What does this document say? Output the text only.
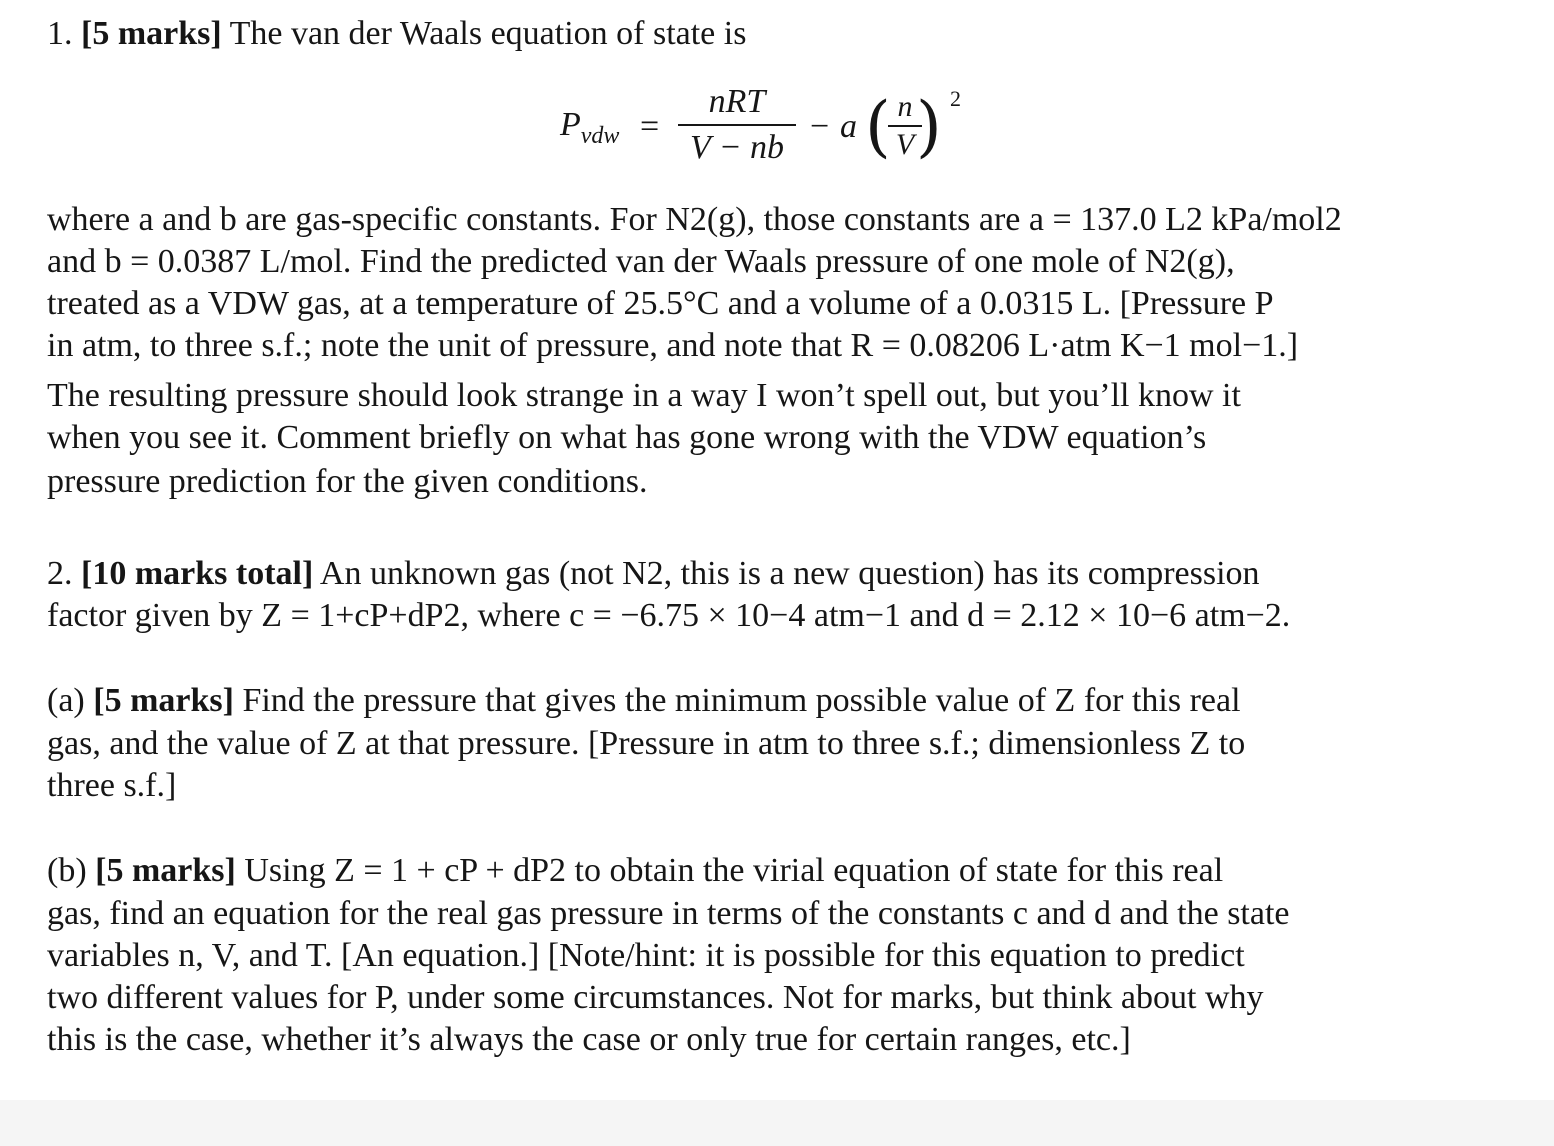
1. [5 marks] The van der Waals equation of state is
$P_{vdw}$ =
nRT
V − nb
− a ( n
V ) 2
where a and b are gas-specific constants. For N2(g), those constants are a = 137.0 L2 kPa/mol2
and b = 0.0387 L/mol. Find the predicted van der Waals pressure of one mole of N2(g),
treated as a VDW gas, at a temperature of 25.5°C and a volume of a 0.0315 L. [Pressure P
in atm, to three s.f.; note the unit of pressure, and note that R = 0.08206 L·atm K−1 mol−1.]
The resulting pressure should look strange in a way I won’t spell out, but you’ll know it
when you see it. Comment briefly on what has gone wrong with the VDW equation’s
pressure prediction for the given conditions.
2. [10 marks total] An unknown gas (not N2, this is a new question) has its compression
factor given by Z = 1+cP+dP2, where c = −6.75 × 10−4 atm−1 and d = 2.12 × 10−6 atm−2.
(a) [5 marks] Find the pressure that gives the minimum possible value of Z for this real
gas, and the value of Z at that pressure. [Pressure in atm to three s.f.; dimensionless Z to
three s.f.]
(b) [5 marks] Using Z = 1 + cP + dP2 to obtain the virial equation of state for this real
gas, find an equation for the real gas pressure in terms of the constants c and d and the state
variables n, V, and T. [An equation.] [Note/hint: it is possible for this equation to predict
two different values for P, under some circumstances. Not for marks, but think about why
this is the case, whether it’s always the case or only true for certain ranges, etc.]
